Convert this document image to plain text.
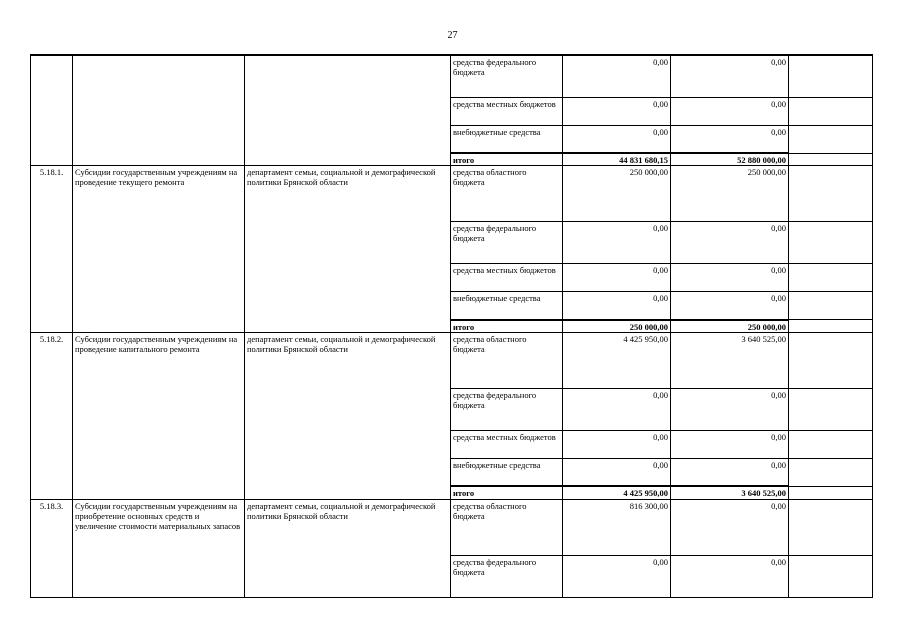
27
			средства федерального бюджета	0,00	0,00	
			средства местных бюджетов	0,00	0,00	
			внебюджетные средства	0,00	0,00	
			итого	44 831 680,15	52 880 000,00	
5.18.1.	Субсидии государственным учреждениям на проведение текущего ремонта	департамент семьи, социальной и демографической политики Брянской области	средства областного бюджета	250 000,00	250 000,00	
			средства федерального бюджета	0,00	0,00	
			средства местных бюджетов	0,00	0,00	
			внебюджетные средства	0,00	0,00	
			итого	250 000,00	250 000,00	
5.18.2.	Субсидии государственным учреждениям на проведение капитального ремонта	департамент семьи, социальной и демографической политики Брянской области	средства областного бюджета	4 425 950,00	3 640 525,00	
			средства федерального бюджета	0,00	0,00	
			средства местных бюджетов	0,00	0,00	
			внебюджетные средства	0,00	0,00	
			итого	4 425 950,00	3 640 525,00	
5.18.3.	Субсидии государственным учреждениям на приобретение основных средств и увеличение стоимости материальных запасов	департамент семьи, социальной и демографической политики Брянской области	средства областного бюджета	816 300,00	0,00	
			средства федерального бюджета	0,00	0,00	
